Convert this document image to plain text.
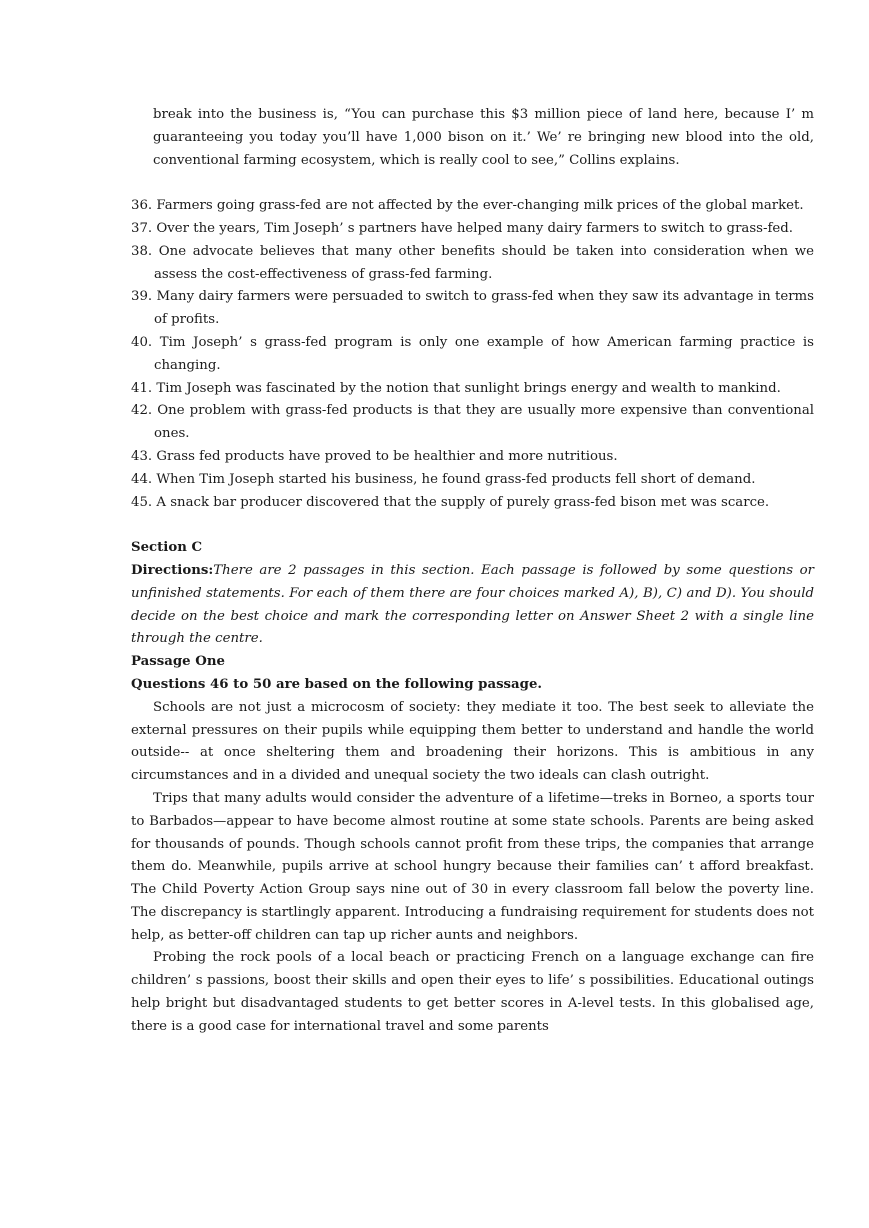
break into the business is, “You can purchase this $3 million piece of land here, because I’ m guaranteeing you today you’ll have 1,000 bison on it.’ We’ re bringing new blood into the old, conventional farming ecosystem, which is really cool to see,” Collins explains.

36. Farmers going grass-fed are not affected by the ever-changing milk prices of the global market.

37. Over the years, Tim Joseph’ s partners have helped many dairy farmers to switch to grass-fed.

38. One advocate believes that many other benefits should be taken into consideration when we assess the cost-effectiveness of grass-fed farming.

39. Many dairy farmers were persuaded to switch to grass-fed when they saw its advantage in terms of profits.

40. Tim Joseph’ s grass-fed program is only one example of how American farming practice is changing.

41. Tim Joseph was fascinated by the notion that sunlight brings energy and wealth to mankind.

42. One problem with grass-fed products is that they are usually more expensive than conventional ones.

43. Grass fed products have proved to be healthier and more nutritious.

44. When Tim Joseph started his business, he found grass-fed products fell short of demand.

45. A snack bar producer discovered that the supply of purely grass-fed bison met was scarce.

Section C

Directions:There are 2 passages in this section. Each passage is followed by some questions or unfinished statements. For each of them there are four choices marked A), B), C) and D). You should decide on the best choice and mark the corresponding letter on Answer Sheet 2 with a single line through the centre.

Passage One

Questions 46 to 50 are based on the following passage.

Schools are not just a microcosm of society: they mediate it too. The best seek to alleviate the external pressures on their pupils while equipping them better to understand and handle the world outside-- at once sheltering them and broadening their horizons. This is ambitious in any circumstances and in a divided and unequal society the two ideals can clash outright.

Trips that many adults would consider the adventure of a lifetime—treks in Borneo, a sports tour to Barbados—appear to have become almost routine at some state schools. Parents are being asked for thousands of pounds. Though schools cannot profit from these trips, the companies that arrange them do. Meanwhile, pupils arrive at school hungry because their families can’ t afford breakfast. The Child Poverty Action Group says nine out of 30 in every classroom fall below the poverty line. The discrepancy is startlingly apparent. Introducing a fundraising requirement for students does not help, as better-off children can tap up richer aunts and neighbors.

Probing the rock pools of a local beach or practicing French on a language exchange can fire children’ s passions, boost their skills and open their eyes to life’ s possibilities. Educational outings help bright but disadvantaged students to get better scores in A-level tests. In this globalised age, there is a good case for international travel and some parents
